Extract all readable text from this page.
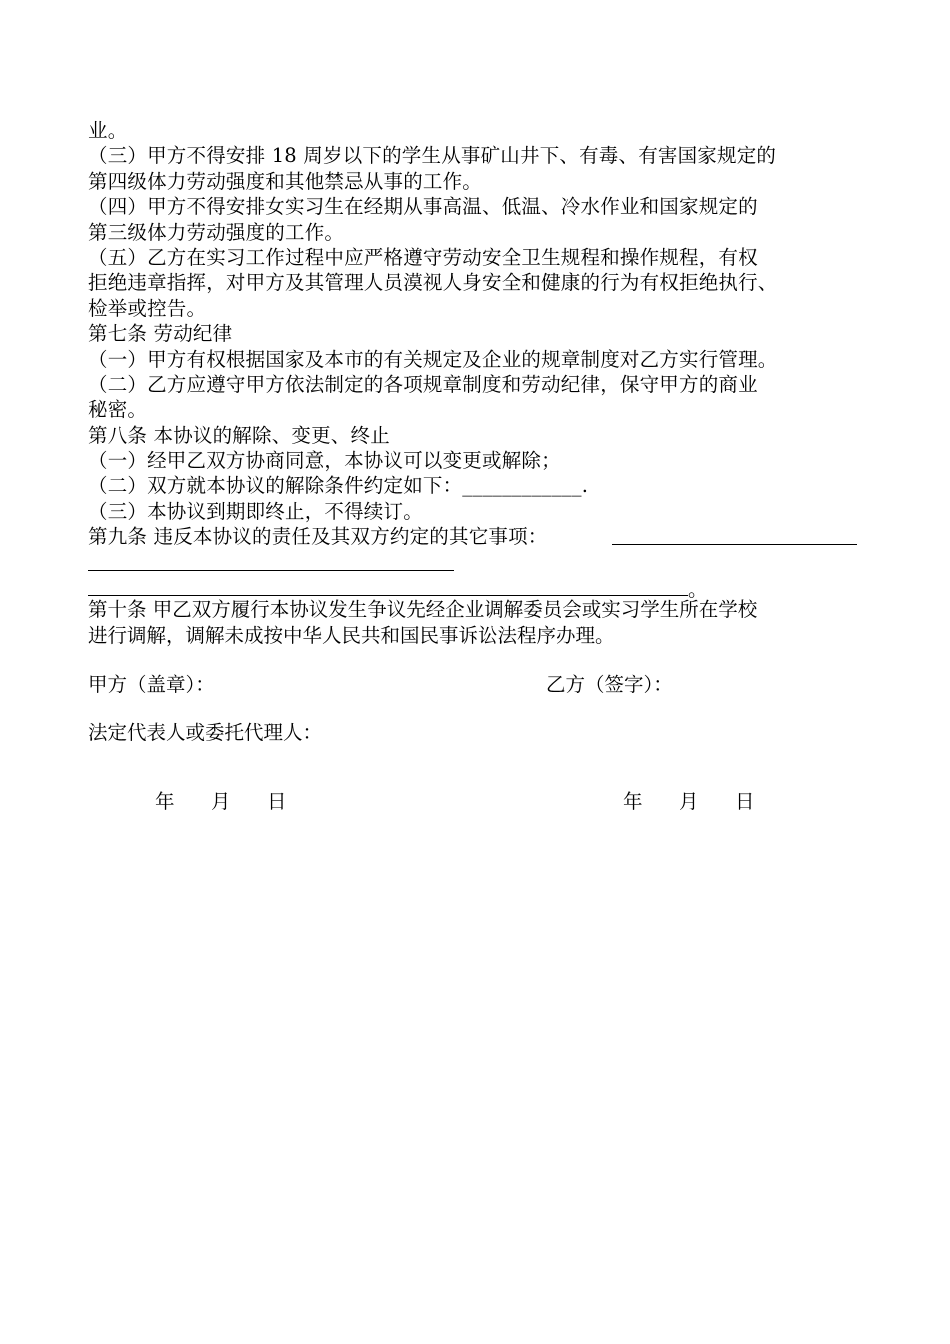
业。
（三）甲方不得安排 18 周岁以下的学生从事矿山井下、有毒、有害国家规定的
第四级体力劳动强度和其他禁忌从事的工作。
（四）甲方不得安排女实习生在经期从事高温、低温、冷水作业和国家规定的
第三级体力劳动强度的工作。
（五）乙方在实习工作过程中应严格遵守劳动安全卫生规程和操作规程，有权
拒绝违章指挥，对甲方及其管理人员漠视人身安全和健康的行为有权拒绝执行、
检举或控告。
第七条 劳动纪律
（一）甲方有权根据国家及本市的有关规定及企业的规章制度对乙方实行管理。
（二）乙方应遵守甲方依法制定的各项规章制度和劳动纪律，保守甲方的商业
秘密。
第八条 本协议的解除、变更、终止
（一）经甲乙双方协商同意，本协议可以变更或解除；
（二）双方就本协议的解除条件约定如下：____________.
（三）本协议到期即终止，不得续订。
第九条 违反本协议的责任及其双方约定的其它事项：
。
第十条 甲乙双方履行本协议发生争议先经企业调解委员会或实习学生所在学校
进行调解，调解未成按中华人民共和国民事诉讼法程序办理。
甲方（盖章）：	乙方（签字）：
法定代表人或委托代理人：
年 月 日	年 月 日
